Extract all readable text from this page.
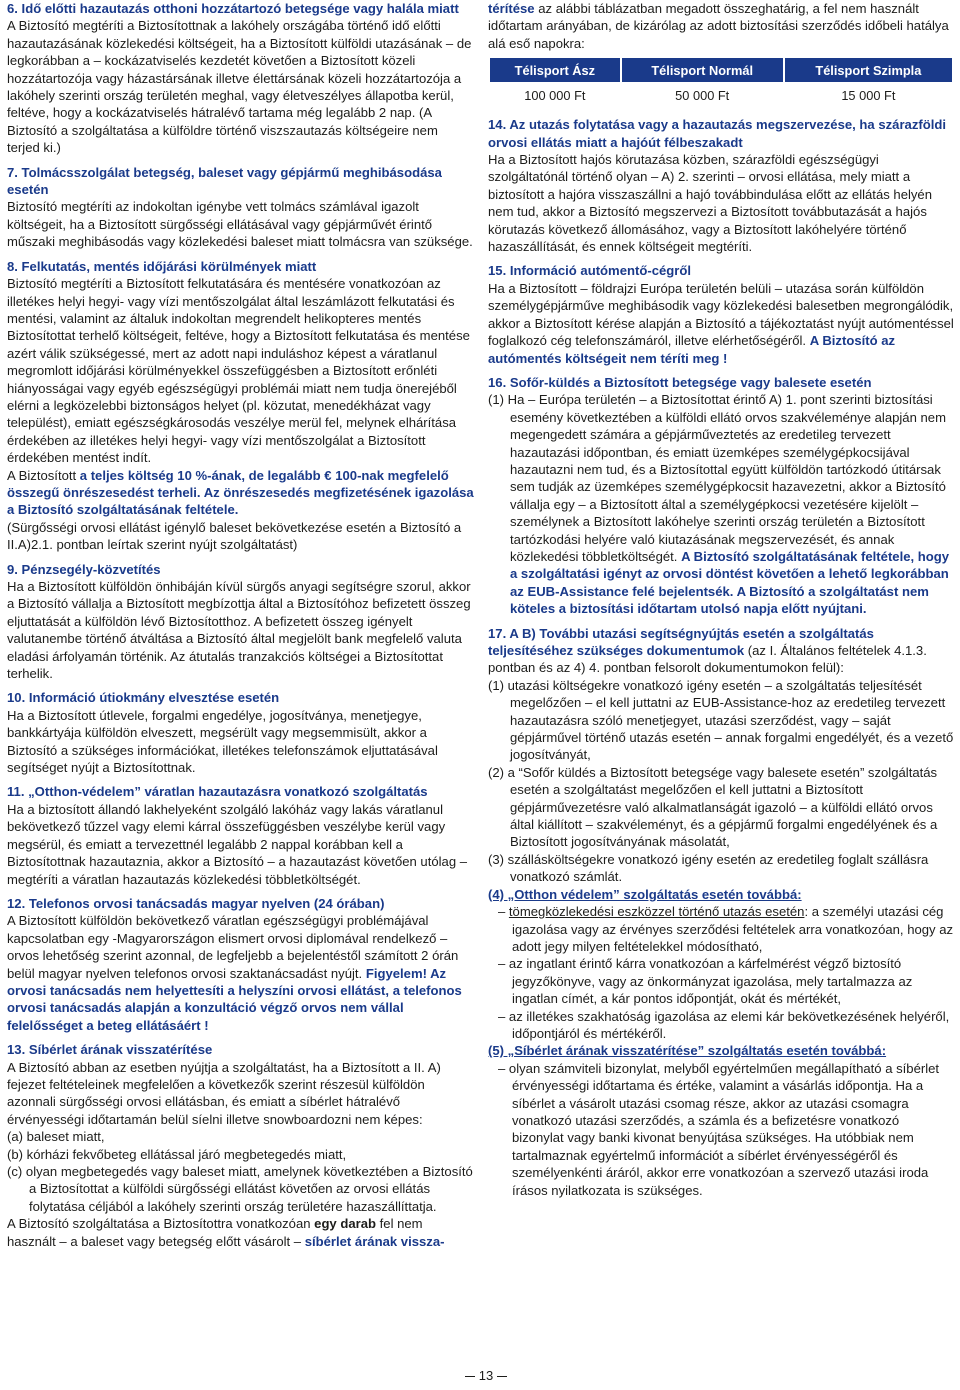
6. Idő előtti hazautazás otthoni hozzátartozó betegsége vagy halála miatt

A Biztosító megtéríti a Biztosítottnak a lakóhely országába történő idő előtti hazautazásának közlekedési költségeit, ha a Biztosított külföldi utazásának – de legkorábban a – kockázatviselés kezdetét követően a Biztosított közeli hozzátartozója vagy házastársának illetve élettársának közeli hozzátartozója a lakóhely szerinti ország területén meghal, vagy életveszélyes állapotba kerül, feltéve, hogy a kockázatviselés hátralévő tartama még legalább 2 nap. (A Biztosító a szolgáltatása a külföldre történő viszszautazás költségeire nem terjed ki.)

7. Tolmácsszolgálat betegség, baleset vagy gépjármű meghibásodása esetén

Biztosító megtéríti az indokoltan igénybe vett tolmács számlával igazolt költségeit, ha a Biztosított sürgősségi ellátásával vagy gépjárművét érintő műszaki meghibásodás vagy közlekedési baleset miatt tolmácsra van szüksége.

8. Felkutatás, mentés időjárási körülmények miatt

Biztosító megtéríti a Biztosított felkutatására és mentésére vonatkozóan az illetékes helyi hegyi- vagy vízi mentőszolgálat által leszámlázott felkutatási és mentési, valamint az általuk indokoltan megrendelt helikopteres mentés Biztosítottat terhelő költségeit, feltéve, hogy a Biztosított felkutatása és mentése azért válik szükségessé, mert az adott napi induláshoz képest a váratlanul megromlott időjárási körülményekkel összefüggésben a Biztosított erőnléti hiányosságai vagy egyéb egészségügyi problémái miatt nem tudja önerejéből elérni a legközelebbi biztonságos helyet (pl. közutat, menedékházat vagy települést), emiatt egészségkárosodás veszélye merül fel, melynek elhárítása érdekében az illetékes helyi hegyi- vagy vízi mentőszolgálat a Biztosított érdekében mentést indít.

A Biztosított a teljes költség 10 %-ának, de legalább € 100-nak megfelelő összegű önrészesedést terheli. Az önrészesedés megfizetésének igazolása a Biztosító szolgáltatásának feltétele.

(Sürgősségi orvosi ellátást igénylő baleset bekövetkezése esetén a Biztosító a II.A)2.1. pontban leírtak szerint nyújt szolgáltatást)

9. Pénzsegély-közvetítés

Ha a Biztosított külföldön önhibáján kívül sürgős anyagi segítségre szorul, akkor a Biztosító vállalja a Biztosított megbízottja által a Biztosítóhoz befizetett összeg eljuttatását a külföldön lévő Biztosítotthoz. A befizetett összeg igényelt valutanembe történő átváltása a Biztosító által megjelölt bank megfelelő valuta eladási árfolyamán történik. Az átutalás tranzakciós költségei a Biztosítottat terhelik.

10. Információ útiokmány elvesztése esetén

Ha a Biztosított útlevele, forgalmi engedélye, jogosítványa, menetjegye, bankkártyája külföldön elveszett, megsérült vagy megsemmisült, akkor a Biztosító a szükséges információkat, illetékes telefonszámok eljuttatásával segítséget nyújt a Biztosítottnak.

11. „Otthon-védelem” váratlan hazautazásra vonatkozó szolgáltatás

Ha a biztosított állandó lakhelyeként szolgáló lakóház vagy lakás váratlanul bekövetkező tűzzel vagy elemi kárral összefüggésben veszélybe kerül vagy megsérül, és emiatt a tervezettnél legalább 2 nappal korábban kell a Biztosítottnak hazautaznia, akkor a Biztosító – a hazautazást követően utólag – megtéríti a váratlan hazautazás közlekedési többletköltségét.

12. Telefonos orvosi tanácsadás magyar nyelven (24 órában)

A Biztosított külföldön bekövetkező váratlan egészségügyi problémájával kapcsolatban egy -Magyarországon elismert orvosi diplomával rendelkező – orvos lehetőség szerint azonnal, de legfeljebb a bejelentéstől számított 2 órán belül magyar nyelven telefonos orvosi szaktanácsadást nyújt. Figyelem! Az orvosi tanácsadás nem helyettesíti a helyszíni orvosi ellátást, a telefonos orvosi tanácsadás alapján a konzultáció végző orvos nem vállal felelősséget a beteg ellátásáért !

13. Síbérlet árának visszatérítése

A Biztosító abban az esetben nyújtja a szolgáltatást, ha a Biztosított a II. A) fejezet feltételeinek megfelelően a következők szerint részesül külföldön azonnali sürgősségi orvosi ellátásban, és emiatt a síbérlet hátralévő érvényességi időtartamán belül síelni illetve snowboardozni nem képes:

(a) baleset miatt,

(b) kórházi fekvőbeteg ellátással járó megbetegedés miatt,

(c) olyan megbetegedés vagy baleset miatt, amelynek következtében a Biztosító a Biztosítottat a külföldi sürgősségi ellátást követően az orvosi ellátás folytatása céljából a lakóhely szerinti ország területére hazaszállíttatja.

A Biztosító szolgáltatása a Biztosítottra vonatkozóan egy darab fel nem használt – a baleset vagy betegség előtt vásárolt – síbérlet árának vissza-

térítése az alábbi táblázatban megadott összeghatárig, a fel nem használt időtartam arányában, de kizárólag az adott biztosítási szerződés időbeli hatálya alá eső napokra:

Télisport Ász	Télisport Normál	Télisport Szimpla
100 000 Ft	50 000 Ft	15 000 Ft

14. Az utazás folytatása vagy a hazautazás megszervezése, ha szárazföldi orvosi ellátás miatt a hajóút félbeszakadt

Ha a Biztosított hajós körutazása közben, szárazföldi egészségügyi szolgáltatónál történő olyan – A) 2. szerinti – orvosi ellátása, mely miatt a biztosított a hajóra visszaszállni a hajó továbbindulása előtt az ellátás helyén nem tud, akkor a Biztosító megszervezi a Biztosított továbbutazását a hajós körutazás következő állomásához, vagy a Biztosított lakóhelyére történő hazaszállítását, és ennek költségeit megtéríti.

15. Információ autómentő-cégről

Ha a Biztosított – földrajzi Európa területén belüli – utazása során külföldön személygépjárműve meghibásodik vagy közlekedési balesetben megrongálódik, akkor a Biztosított kérése alapján a Biztosító a tájékoztatást nyújt autómentéssel foglalkozó cég telefonszámáról, illetve elérhetőségéről. A Biztosító az autómentés költségeit nem téríti meg !

16. Sofőr-küldés a Biztosított betegsége vagy balesete esetén

(1) Ha – Európa területén – a Biztosítottat érintő A) 1. pont szerinti biztosítási esemény következtében a külföldi ellátó orvos szakvéleménye alapján nem megengedett számára a gépjárműveztetés az eredetileg tervezett hazautazási időpontban, és emiatt üzemképes személygépkocsijával hazautazni nem tud, és a Biztosítottal együtt külföldön tartózkodó útitársak sem tudják az üzemképes személygépkocsit hazavezetni, akkor a Biztosító vállalja egy – a Biztosított által a személygépkocsi vezetésére kijelölt – személynek a Biztosított lakóhelye szerinti ország területén a Biztosított tartózkodási helyére való kiutazásának megszervezését, és annak közlekedési többletköltségét. A Biztosító szolgáltatásának feltétele, hogy a szolgáltatási igényt az orvosi döntést követően a lehető legkorábban az EUB-Assistance felé bejelentsék. A Biztosító a szolgáltatást nem köteles a biztosítási időtartam utolsó napja előtt nyújtani.

17. A B) További utazási segítségnyújtás esetén a szolgáltatás teljesítéséhez szükséges dokumentumok (az I. Általános feltételek 4.1.3. pontban és az 4) 4. pontban felsorolt dokumentumokon felül):

(1) utazási költségekre vonatkozó igény esetén – a szolgáltatás teljesítését megelőzően – el kell juttatni az EUB-Assistance-hoz az eredetileg tervezett hazautazásra szóló menetjegyet, utazási szerződést, vagy – saját gépjárművel történő utazás esetén – annak forgalmi engedélyét, és a vezető jogosítványát,

(2) a “Sofőr küldés a Biztosított betegsége vagy balesete esetén” szolgáltatás esetén a szolgáltatást megelőzően el kell juttatni a Biztosított gépjárművezetésre való alkalmatlanságát igazoló – a külföldi ellátó orvos által kiállított – szakvéleményt, és a gépjármű forgalmi engedélyének és a Biztosított jogosítványának másolatát,

(3) szállásköltségekre vonatkozó igény esetén az eredetileg foglalt szállásra vonatkozó számlát.

(4) „Otthon védelem” szolgáltatás esetén továbbá:

– tömegközlekedési eszközzel történő utazás esetén: a személyi utazási cég igazolása vagy az érvényes szerződési feltételek arra vonatkozóan, hogy az adott jegy milyen feltételekkel módosítható,

– az ingatlant érintő kárra vonatkozóan a kárfelmérést végző biztosító jegyzőkönyve, vagy az önkormányzat igazolása, mely tartalmazza az ingatlan címét, a kár pontos időpontját, okát és mértékét,

– az illetékes szakhatóság igazolása az elemi kár bekövetkezésének helyéről, időpontjáról és mértékéről.

(5) „Síbérlet árának visszatérítése” szolgáltatás esetén továbbá:

– olyan számviteli bizonylat, melyből egyértelműen megállapítható a síbérlet érvényességi időtartama és értéke, valamint a vásárlás időpontja. Ha a síbérlet a vásárolt utazási csomag része, akkor az utazási csomagra vonatkozó utazási szerződés, a számla és a befizetésre vonatkozó bizonylat vagy banki kivonat benyújtása szükséges. Ha utóbbiak nem tartalmaznak egyértelmű információt a síbérlet érvényességéről és személyenkénti áráról, akkor erre vonatkozóan a szervező utazási iroda írásos nyilatkozata is szükséges.

13
